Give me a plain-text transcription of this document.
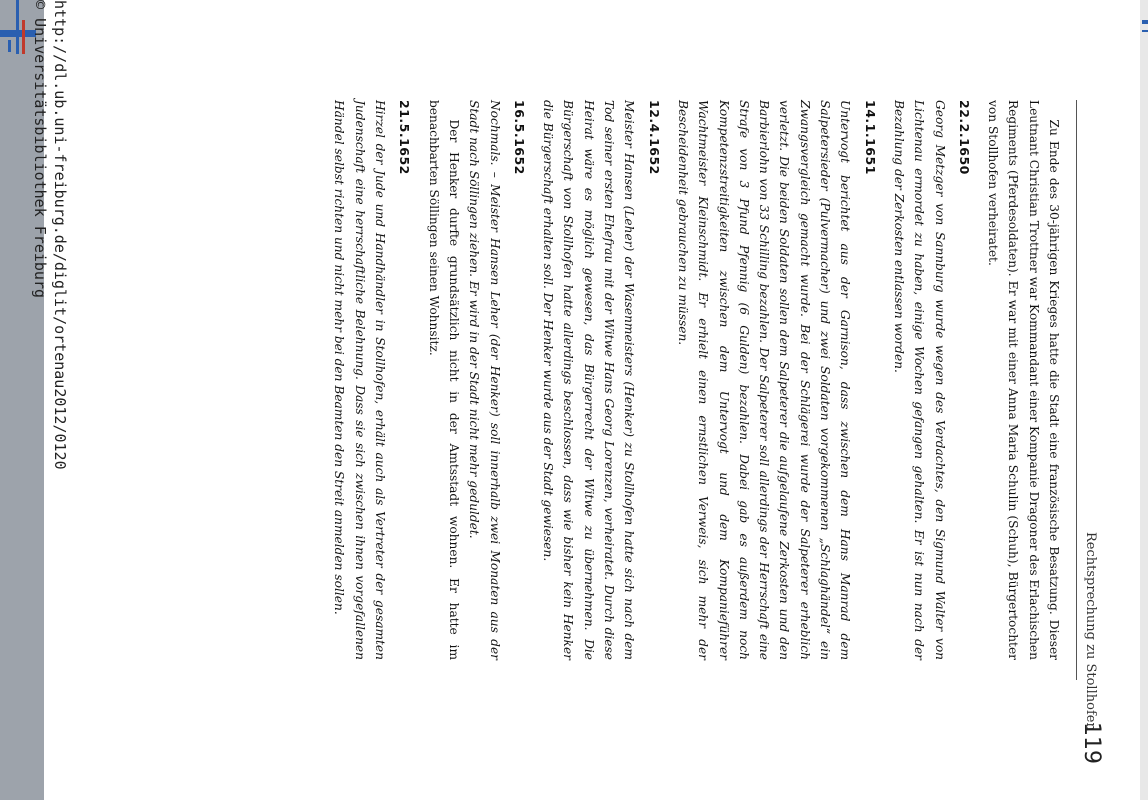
Rechtsprechung zu Stollhofen
119

Zu Ende des 30-jährigen Krieges hatte die Stadt eine französische Besatzung. Dieser Leutnant Christian Trottner war Kommandant einer Kompanie Dragoner des Erlachischen Regiments (Pferdesoldaten). Er war mit einer Anna Maria Schulin (Schuh), Bürgertochter von Stollhofen verheiratet.

22.2.1650

Georg Metzger von Sannburg wurde wegen des Verdachtes, den Sigmund Walter von Lichtenau ermordet zu haben, einige Wochen gefangen gehalten. Er ist nun nach der Bezahlung der Zerkosten entlassen worden.

14.1.1651

Untervogt berichtet aus der Garnison, dass zwischen dem Hans Manrad dem Salpetersieder (Pulvermacher) und zwei Soldaten vorgekommenen „Schlaghändel“ ein Zwangsvergleich gemacht wurde. Bei der Schlägerei wurde der Salpeterer erheblich verletzt. Die beiden Soldaten sollen dem Salpeterer die aufgelaufene Zerkosten und den Barbierlohn von 33 Schilling bezahlen. Der Salpeterer soll allerdings der Herrschaft eine Strafe von 3 Pfund Pfennig (6 Gulden) bezahlen. Dabei gab es außerdem noch Kompetenzstreitigkeiten zwischen dem Untervogt und dem Kompanieführer Wachtmeister Kleinschmidt. Er erhielt einen ernstlichen Verweis, sich mehr der Bescheidenheit gebrauchen zu müssen.

12.4.1652

Meister Hansen (Leher) der Wasenmeisters (Henker) zu Stollhofen hatte sich nach dem Tod seiner ersten Ehefrau mit der Witwe Hans Georg Lorenzen, verheiratet. Durch diese Heirat wäre es möglich gewesen, das Bürgerrecht der Witwe zu übernehmen. Die Bürgerschaft von Stollhofen hatte allerdings beschlossen, dass wie bisher kein Henker die Bürgerschaft erhalten soll. Der Henker wurde aus der Stadt gewiesen.

16.5.1652

Nochmals. – Meister Hansen Leher (der Henker) soll innerhalb zwei Monaten aus der Stadt nach Söllingen ziehen. Er wird in der Stadt nicht mehr geduldet.

Der Henker durfte grundsätzlich nicht in der Amtsstadt wohnen. Er hatte im benachbarten Söllingen seinen Wohnsitz.

21.5.1652

Hirzel der Jude und Handhändler in Stollhofen, erhält auch als Vertreter der gesamten Judenschaft eine herrschaftliche Belehnung. Dass sie sich zwischen ihnen vorgefallenen Händel selbst richten und nicht mehr bei den Beamten den Streit anmelden sollen.

http://dl.ub.uni-freiburg.de/diglit/ortenau2012/0120
© Universitätsbibliothek Freiburg
